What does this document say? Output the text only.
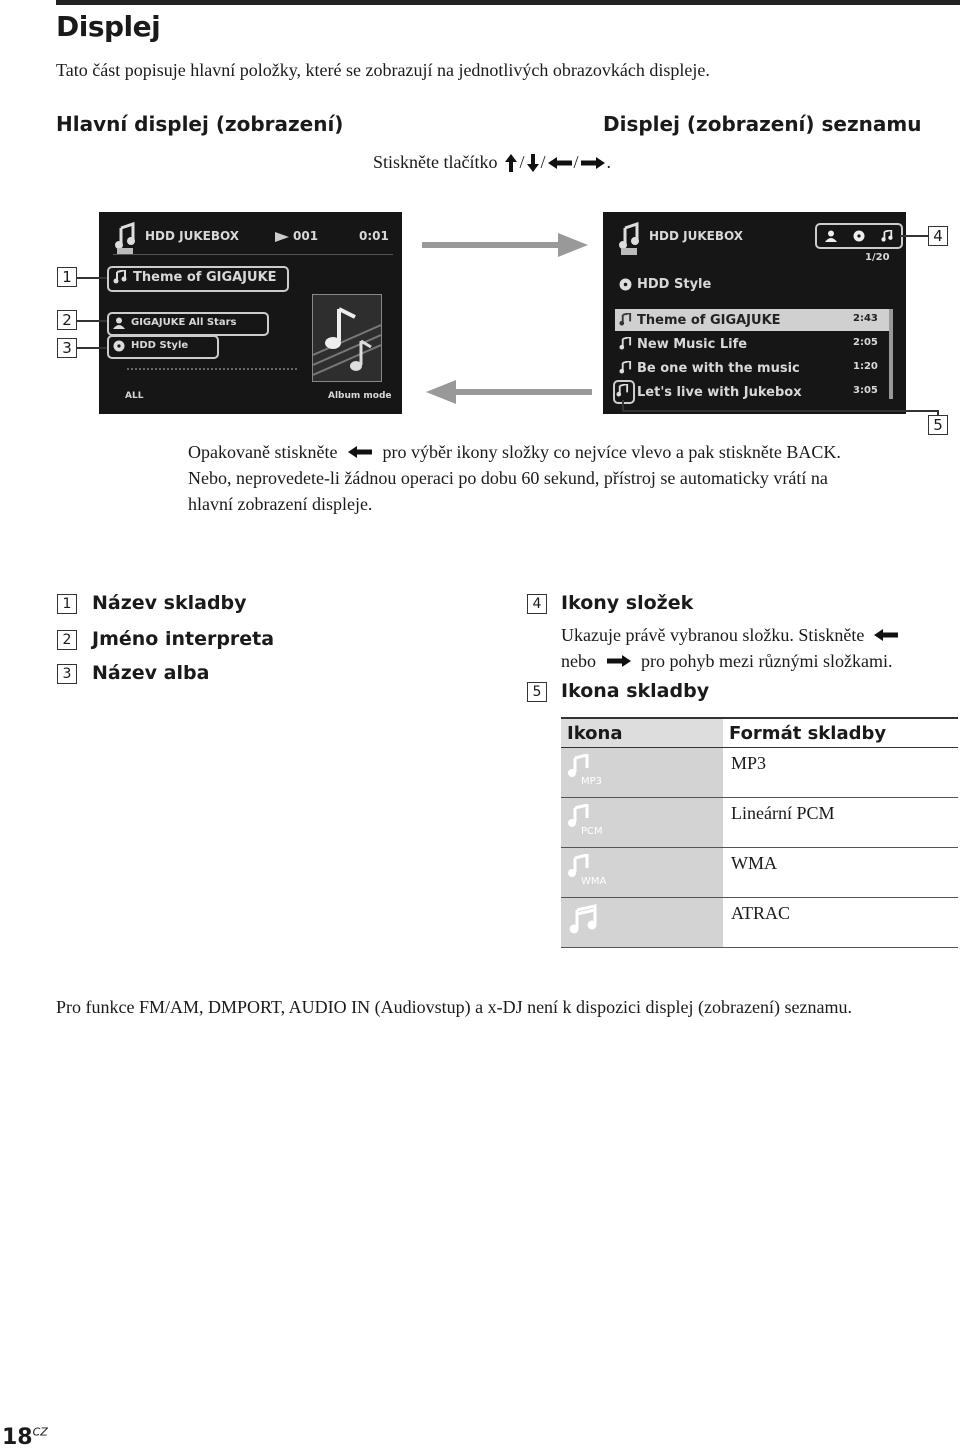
Displej
Tato část popisuje hlavní položky, které se zobrazují na jednotlivých obrazovkách displeje.
Hlavní displej (zobrazení)	Displej (zobrazení) seznamu
Stiskněte tlačítko / / / .
HDD JUKEBOX	001	0:01
Theme of GIGAJUKE
GIGAJUKE All Stars
HDD Style
ALL	Album mode
HDD JUKEBOX
1/20
HDD Style
Theme of GIGAJUKE	2:43
New Music Life	2:05
Be one with the music	1:20
Let's live with Jukebox	3:05
1
2
3
4
5
Opakovaně stiskněte	pro výběr ikony složky co nejvíce vlevo a pak stiskněte BACK. Nebo, neprovedete-li žádnou operaci po dobu 60 sekund, přístroj se automaticky vrátí na hlavní zobrazení displeje.
1 Název skladby
2 Jméno interpreta
3 Název alba
4 Ikony složek
Ukazuje právě vybranou složku. Stiskněte
nebo	pro pohyb mezi různými složkami.
5 Ikona skladby
Ikona	Formát skladby

MP3	MP3

PCM	Lineární PCM

WMA	WMA
	ATRAC
Pro funkce FM/AM, DMPORT, AUDIO IN (Audiovstup) a x-DJ není k dispozici displej (zobrazení) seznamu.
$18^{CZ}$
